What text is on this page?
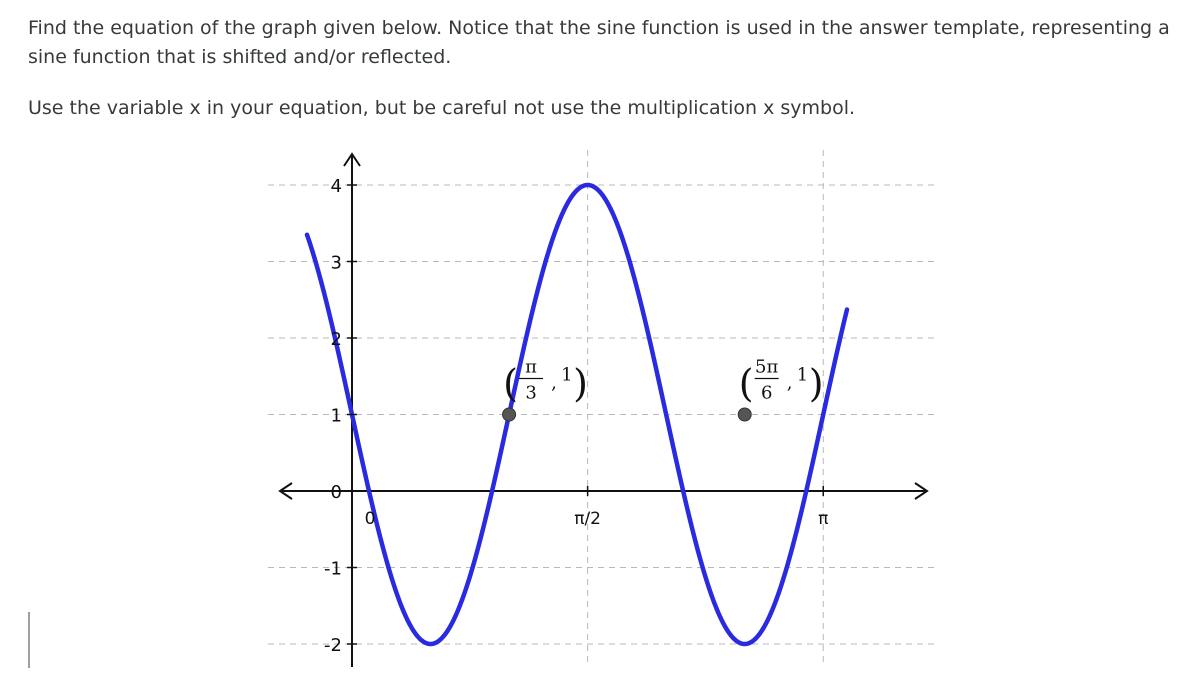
Find the equation of the graph given below. Notice that the sine function is used in the answer template, representing a sine function that is shifted and/or reflected.

Use the variable x in your equation, but be careful not use the multiplication x symbol.

4
3
2
1
0
-1
-2
0	π/2	π
( π
3 , 1 )	( 5π
6 , 1 )
